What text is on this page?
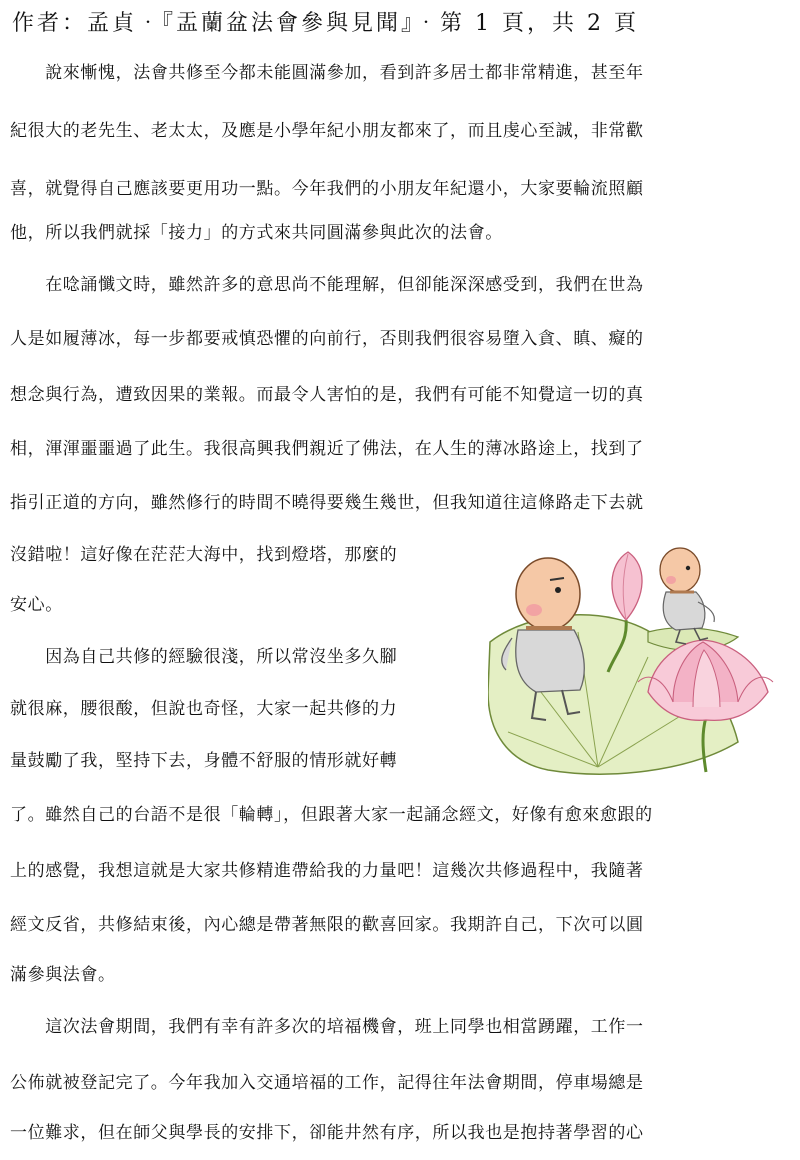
作者：孟貞‧『盂蘭盆法會參與見聞』‧第 1 頁，共 2 頁
　　說來慚愧，法會共修至今都未能圓滿參加，看到許多居士都非常精進，甚至年
紀很大的老先生、老太太，及應是小學年紀小朋友都來了，而且虔心至誠，非常歡
喜，就覺得自己應該要更用功一點。今年我們的小朋友年紀還小，大家要輪流照顧
他，所以我們就採「接力」的方式來共同圓滿參與此次的法會。
　　在唸誦懺文時，雖然許多的意思尚不能理解，但卻能深深感受到，我們在世為
人是如履薄冰，每一步都要戒慎恐懼的向前行，否則我們很容易墮入貪、瞋、癡的
想念與行為，遭致因果的業報。而最令人害怕的是，我們有可能不知覺這一切的真
相，渾渾噩噩過了此生。我很高興我們親近了佛法，在人生的薄冰路途上，找到了
指引正道的方向，雖然修行的時間不曉得要幾生幾世，但我知道往這條路走下去就
沒錯啦！這好像在茫茫大海中，找到燈塔，那麼的
安心。
　　因為自己共修的經驗很淺，所以常沒坐多久腳
就很麻，腰很酸，但說也奇怪，大家一起共修的力
量鼓勵了我，堅持下去，身體不舒服的情形就好轉
了。雖然自己的台語不是很「輪轉」，但跟著大家一起誦念經文，好像有愈來愈跟的
上的感覺，我想這就是大家共修精進帶給我的力量吧！這幾次共修過程中，我隨著
經文反省，共修結束後，內心總是帶著無限的歡喜回家。我期許自己，下次可以圓
滿參與法會。
　　這次法會期間，我們有幸有許多次的培福機會，班上同學也相當踴躍，工作一
公佈就被登記完了。今年我加入交通培福的工作，記得往年法會期間，停車場總是
一位難求，但在師父與學長的安排下，卻能井然有序，所以我也是抱持著學習的心
